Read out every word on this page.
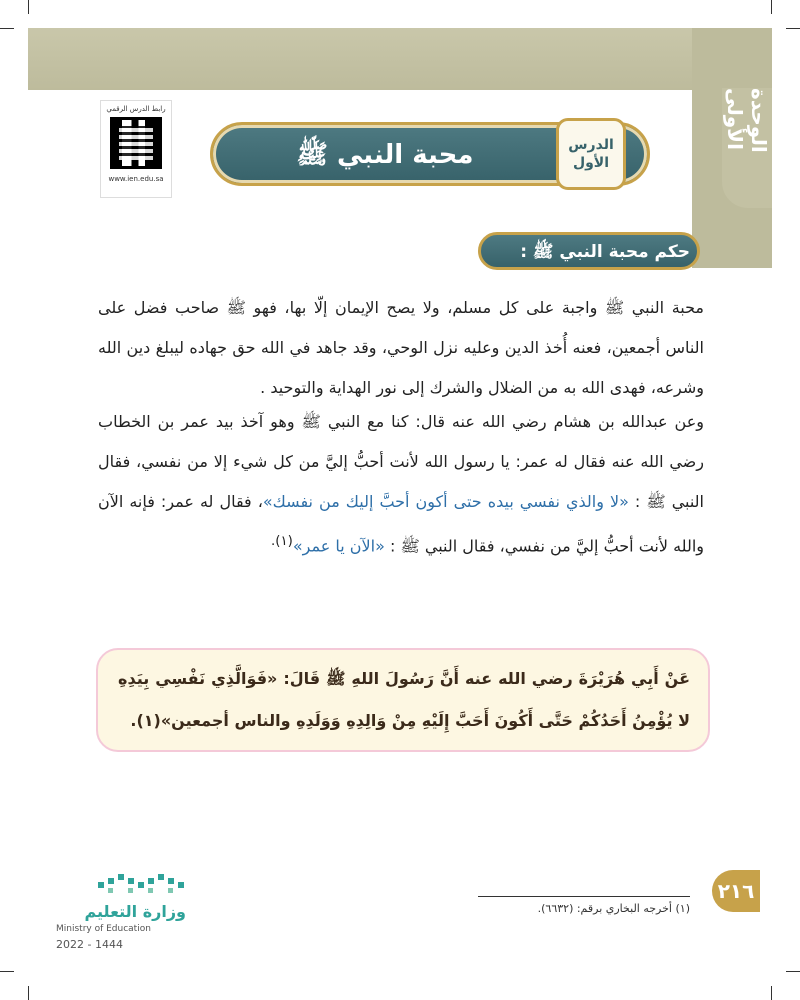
الوحدة الأولى
رابط الدرس الرقمي
www.ien.edu.sa
محبة النبي ﷺ	الدرس
الأول
حكم محبة النبي ﷺ :
محبة النبي ﷺ واجبة على كل مسلم، ولا يصح الإيمان إلّا بها، فهو ﷺ صاحب فضل على الناس أجمعين، فعنه أُخذ الدين وعليه نزل الوحي، وقد جاهد في الله حق جهاده ليبلغ دين الله وشرعه، فهدى الله به من الضلال والشرك إلى نور الهداية والتوحيد .
وعن عبدالله بن هشام رضي الله عنه قال: كنا مع النبي ﷺ وهو آخذ بيد عمر بن الخطاب رضي الله عنه فقال له عمر: يا رسول الله لأنت أحبُّ إليَّ من كل شيء إلا من نفسي، فقال النبي ﷺ : «لا والذي نفسي بيده حتى أكون أحبَّ إليك من نفسك»، فقال له عمر: فإنه الآن والله لأنت أحبُّ إليَّ من نفسي، فقال النبي ﷺ : «الآن يا عمر»$^{(١).}$
عَنْ أَبِي هُرَيْرَةَ رضي الله عنه أَنَّ رَسُولَ اللهِ ﷺ قَالَ: «فَوَالَّذِي نَفْسِي بِيَدِهِ لا يُؤْمِنُ أَحَدُكُمْ حَتَّى أَكُونَ أَحَبَّ إِلَيْهِ مِنْ وَالِدِهِ وَوَلَدِهِ والناس أجمعين»(١).
(١) أخرجه البخاري برقم: (٦٦٣٢).
٢١٦
وزارة التعليم
Ministry of Education
2022 - 1444
